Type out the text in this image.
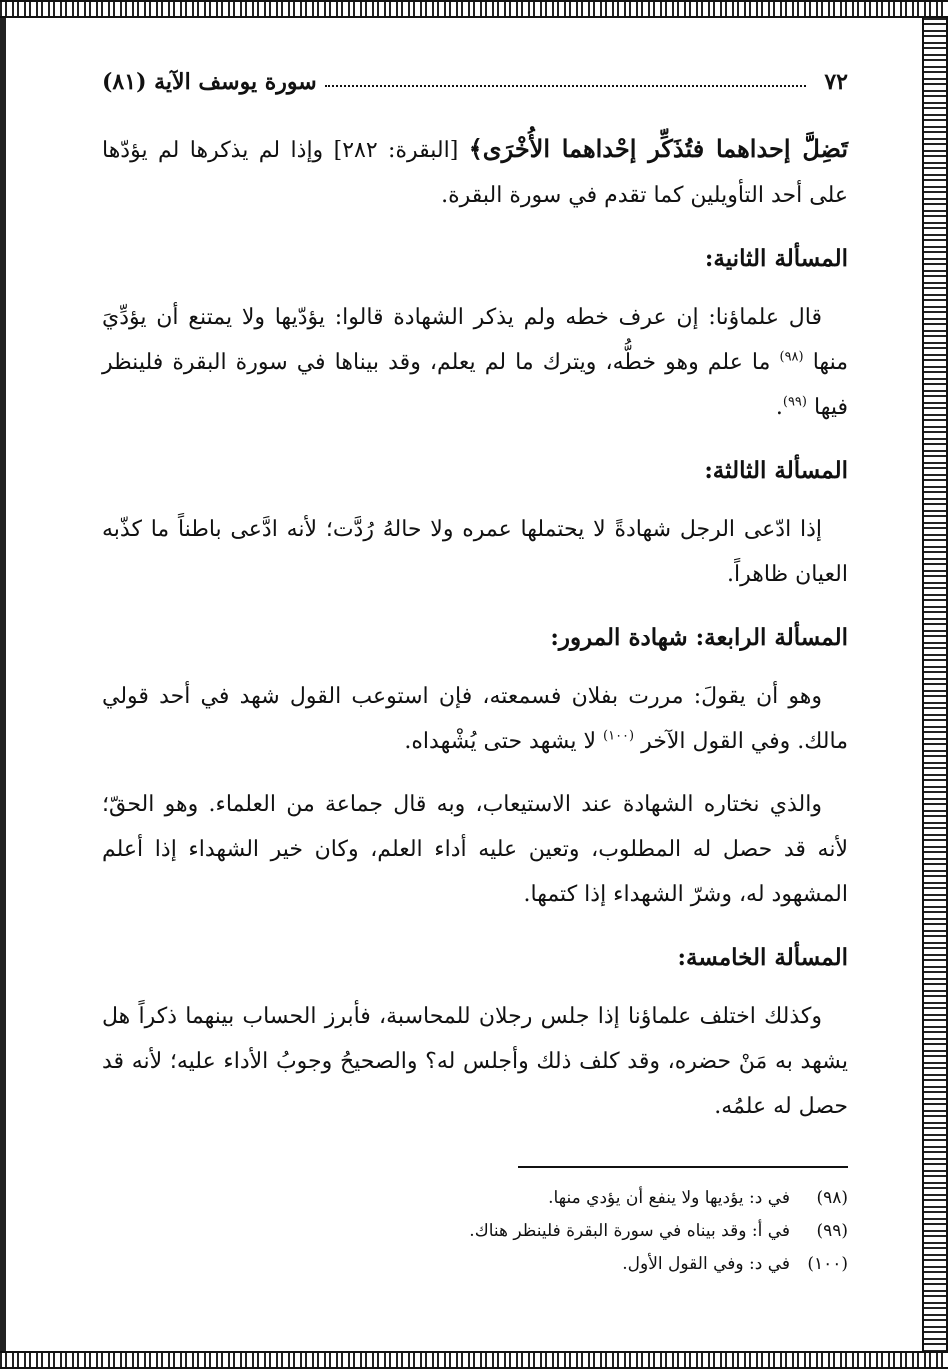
٧٢
سورة يوسف الآية (٨١)

تَضِلَّ إحداهما فتُذَكِّر إحْداهما الأُخْرَى﴾ [البقرة: ٢٨٢] وإذا لم يذكرها لم يؤدّها على أحد التأويلين كما تقدم في سورة البقرة.

المسألة الثانية:

قال علماؤنا: إن عرف خطه ولم يذكر الشهادة قالوا: يؤدّيها ولا يمتنع أن يؤدِّيَ منها $^{(٩٨)}$ ما علم وهو خطُّه، ويترك ما لم يعلم، وقد بيناها في سورة البقرة فلينظر فيها $^{(٩٩)}$.

المسألة الثالثة:

إذا ادّعى الرجل شهادةً لا يحتملها عمره ولا حالهُ رُدَّت؛ لأنه ادَّعى باطناً ما كذّبه العيان ظاهراً.

المسألة الرابعة: شهادة المرور:

وهو أن يقولَ: مررت بفلان فسمعته، فإن استوعب القول شهد في أحد قولي مالك. وفي القول الآخر $^{(١٠٠)}$ لا يشهد حتى يُشْهداه.

والذي نختاره الشهادة عند الاستيعاب، وبه قال جماعة من العلماء. وهو الحقّ؛ لأنه قد حصل له المطلوب، وتعين عليه أداء العلم، وكان خير الشهداء إذا أعلم المشهود له، وشرّ الشهداء إذا كتمها.

المسألة الخامسة:

وكذلك اختلف علماؤنا إذا جلس رجلان للمحاسبة، فأبرز الحساب بينهما ذكراً هل يشهد به مَنْ حضره، وقد كلف ذلك وأجلس له؟ والصحيحُ وجوبُ الأداء عليه؛ لأنه قد حصل له علمُه.

(٩٨)
في د: يؤديها ولا ينفع أن يؤدي منها.
(٩٩)
في أ: وقد بيناه في سورة البقرة فلينظر هناك.
(١٠٠)
في د: وفي القول الأول.
